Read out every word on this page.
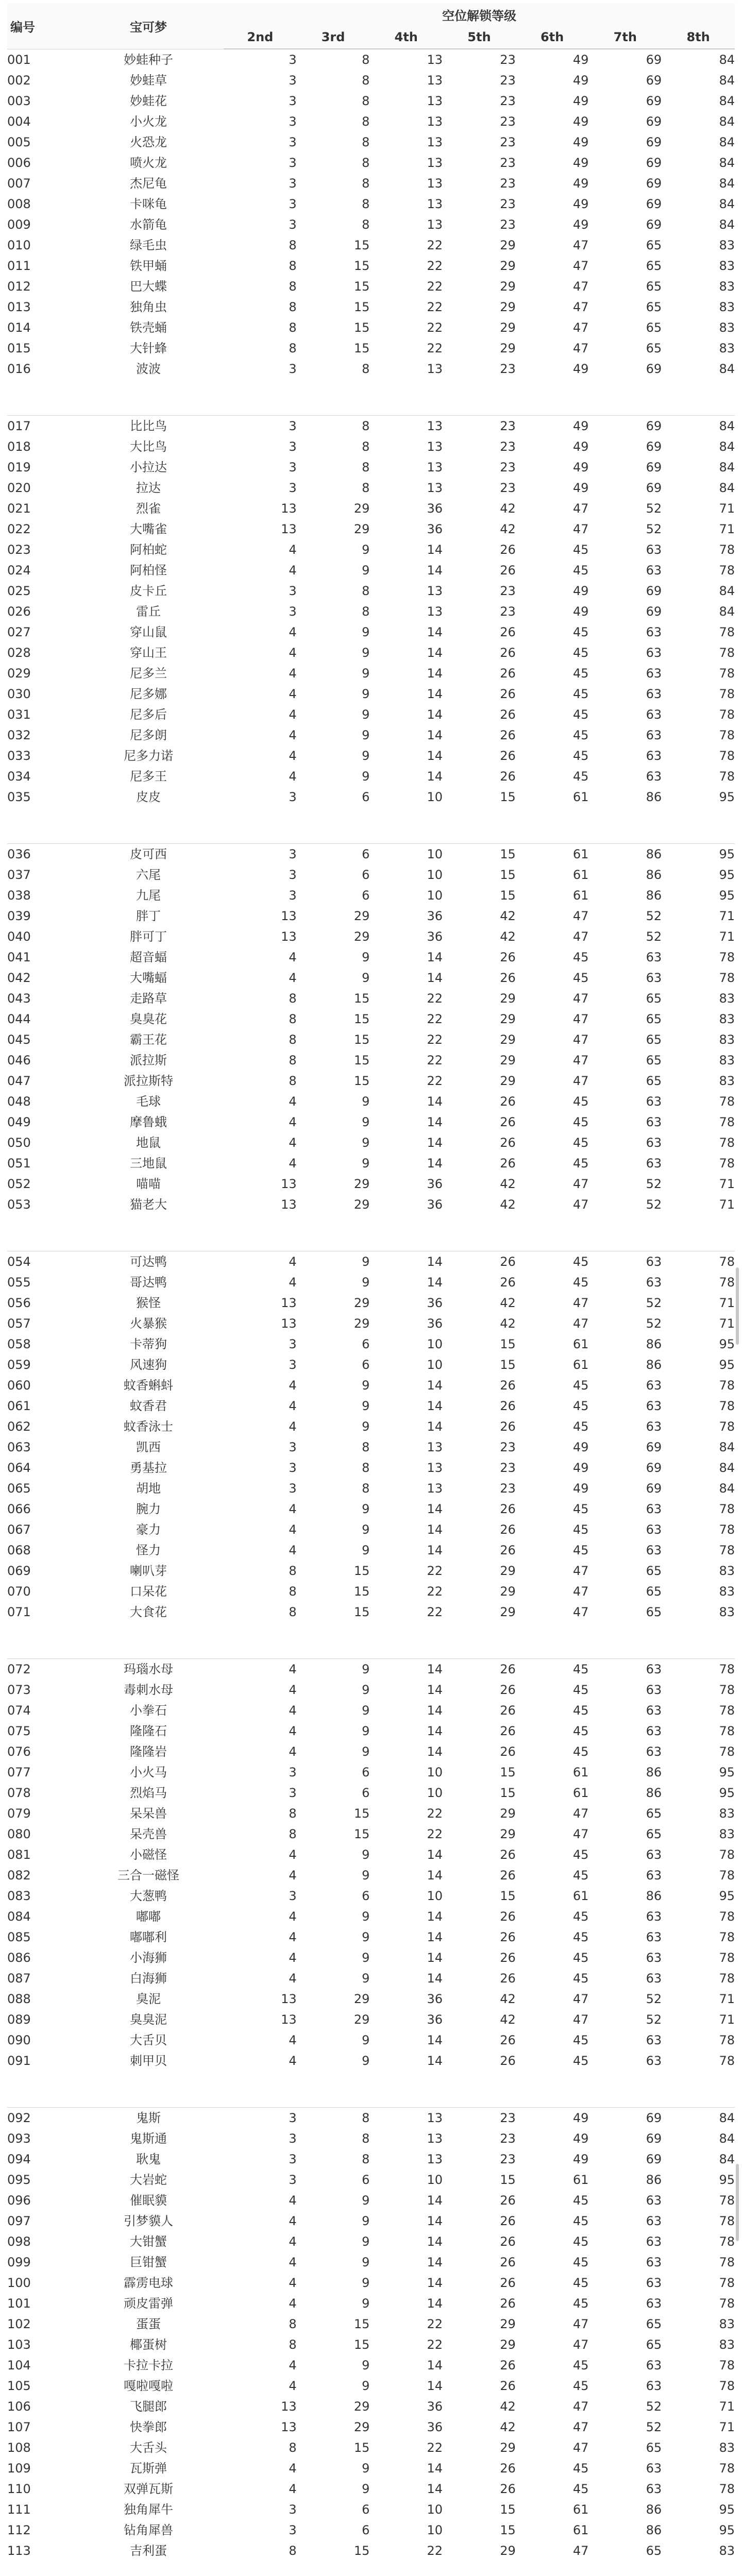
编号	宝可梦	空位解锁等级						
		2nd	3rd	4th	5th	6th	7th	8th
001	妙蛙种子	3	8	13	23	49	69	84
002	妙蛙草	3	8	13	23	49	69	84
003	妙蛙花	3	8	13	23	49	69	84
004	小火龙	3	8	13	23	49	69	84
005	火恐龙	3	8	13	23	49	69	84
006	喷火龙	3	8	13	23	49	69	84
007	杰尼龟	3	8	13	23	49	69	84
008	卡咪龟	3	8	13	23	49	69	84
009	水箭龟	3	8	13	23	49	69	84
010	绿毛虫	8	15	22	29	47	65	83
011	铁甲蛹	8	15	22	29	47	65	83
012	巴大蝶	8	15	22	29	47	65	83
013	独角虫	8	15	22	29	47	65	83
014	铁壳蛹	8	15	22	29	47	65	83
015	大针蜂	8	15	22	29	47	65	83
016	波波	3	8	13	23	49	69	84

017	比比鸟	3	8	13	23	49	69	84
018	大比鸟	3	8	13	23	49	69	84
019	小拉达	3	8	13	23	49	69	84
020	拉达	3	8	13	23	49	69	84
021	烈雀	13	29	36	42	47	52	71
022	大嘴雀	13	29	36	42	47	52	71
023	阿柏蛇	4	9	14	26	45	63	78
024	阿柏怪	4	9	14	26	45	63	78
025	皮卡丘	3	8	13	23	49	69	84
026	雷丘	3	8	13	23	49	69	84
027	穿山鼠	4	9	14	26	45	63	78
028	穿山王	4	9	14	26	45	63	78
029	尼多兰	4	9	14	26	45	63	78
030	尼多娜	4	9	14	26	45	63	78
031	尼多后	4	9	14	26	45	63	78
032	尼多朗	4	9	14	26	45	63	78
033	尼多力诺	4	9	14	26	45	63	78
034	尼多王	4	9	14	26	45	63	78
035	皮皮	3	6	10	15	61	86	95

036	皮可西	3	6	10	15	61	86	95
037	六尾	3	6	10	15	61	86	95
038	九尾	3	6	10	15	61	86	95
039	胖丁	13	29	36	42	47	52	71
040	胖可丁	13	29	36	42	47	52	71
041	超音蝠	4	9	14	26	45	63	78
042	大嘴蝠	4	9	14	26	45	63	78
043	走路草	8	15	22	29	47	65	83
044	臭臭花	8	15	22	29	47	65	83
045	霸王花	8	15	22	29	47	65	83
046	派拉斯	8	15	22	29	47	65	83
047	派拉斯特	8	15	22	29	47	65	83
048	毛球	4	9	14	26	45	63	78
049	摩鲁蛾	4	9	14	26	45	63	78
050	地鼠	4	9	14	26	45	63	78
051	三地鼠	4	9	14	26	45	63	78
052	喵喵	13	29	36	42	47	52	71
053	猫老大	13	29	36	42	47	52	71

054	可达鸭	4	9	14	26	45	63	78
055	哥达鸭	4	9	14	26	45	63	78
056	猴怪	13	29	36	42	47	52	71
057	火暴猴	13	29	36	42	47	52	71
058	卡蒂狗	3	6	10	15	61	86	95
059	风速狗	3	6	10	15	61	86	95
060	蚊香蝌蚪	4	9	14	26	45	63	78
061	蚊香君	4	9	14	26	45	63	78
062	蚊香泳士	4	9	14	26	45	63	78
063	凯西	3	8	13	23	49	69	84
064	勇基拉	3	8	13	23	49	69	84
065	胡地	3	8	13	23	49	69	84
066	腕力	4	9	14	26	45	63	78
067	豪力	4	9	14	26	45	63	78
068	怪力	4	9	14	26	45	63	78
069	喇叭芽	8	15	22	29	47	65	83
070	口呆花	8	15	22	29	47	65	83
071	大食花	8	15	22	29	47	65	83

072	玛瑙水母	4	9	14	26	45	63	78
073	毒刺水母	4	9	14	26	45	63	78
074	小拳石	4	9	14	26	45	63	78
075	隆隆石	4	9	14	26	45	63	78
076	隆隆岩	4	9	14	26	45	63	78
077	小火马	3	6	10	15	61	86	95
078	烈焰马	3	6	10	15	61	86	95
079	呆呆兽	8	15	22	29	47	65	83
080	呆壳兽	8	15	22	29	47	65	83
081	小磁怪	4	9	14	26	45	63	78
082	三合一磁怪	4	9	14	26	45	63	78
083	大葱鸭	3	6	10	15	61	86	95
084	嘟嘟	4	9	14	26	45	63	78
085	嘟嘟利	4	9	14	26	45	63	78
086	小海狮	4	9	14	26	45	63	78
087	白海狮	4	9	14	26	45	63	78
088	臭泥	13	29	36	42	47	52	71
089	臭臭泥	13	29	36	42	47	52	71
090	大舌贝	4	9	14	26	45	63	78
091	刺甲贝	4	9	14	26	45	63	78

092	鬼斯	3	8	13	23	49	69	84
093	鬼斯通	3	8	13	23	49	69	84
094	耿鬼	3	8	13	23	49	69	84
095	大岩蛇	3	6	10	15	61	86	95
096	催眠貘	4	9	14	26	45	63	78
097	引梦貘人	4	9	14	26	45	63	78
098	大钳蟹	4	9	14	26	45	63	78
099	巨钳蟹	4	9	14	26	45	63	78
100	霹雳电球	4	9	14	26	45	63	78
101	顽皮雷弹	4	9	14	26	45	63	78
102	蛋蛋	8	15	22	29	47	65	83
103	椰蛋树	8	15	22	29	47	65	83
104	卡拉卡拉	4	9	14	26	45	63	78
105	嘎啦嘎啦	4	9	14	26	45	63	78
106	飞腿郎	13	29	36	42	47	52	71
107	快拳郎	13	29	36	42	47	52	71
108	大舌头	8	15	22	29	47	65	83
109	瓦斯弹	4	9	14	26	45	63	78
110	双弹瓦斯	4	9	14	26	45	63	78
111	独角犀牛	3	6	10	15	61	86	95
112	钻角犀兽	3	6	10	15	61	86	95
113	吉利蛋	8	15	22	29	47	65	83
